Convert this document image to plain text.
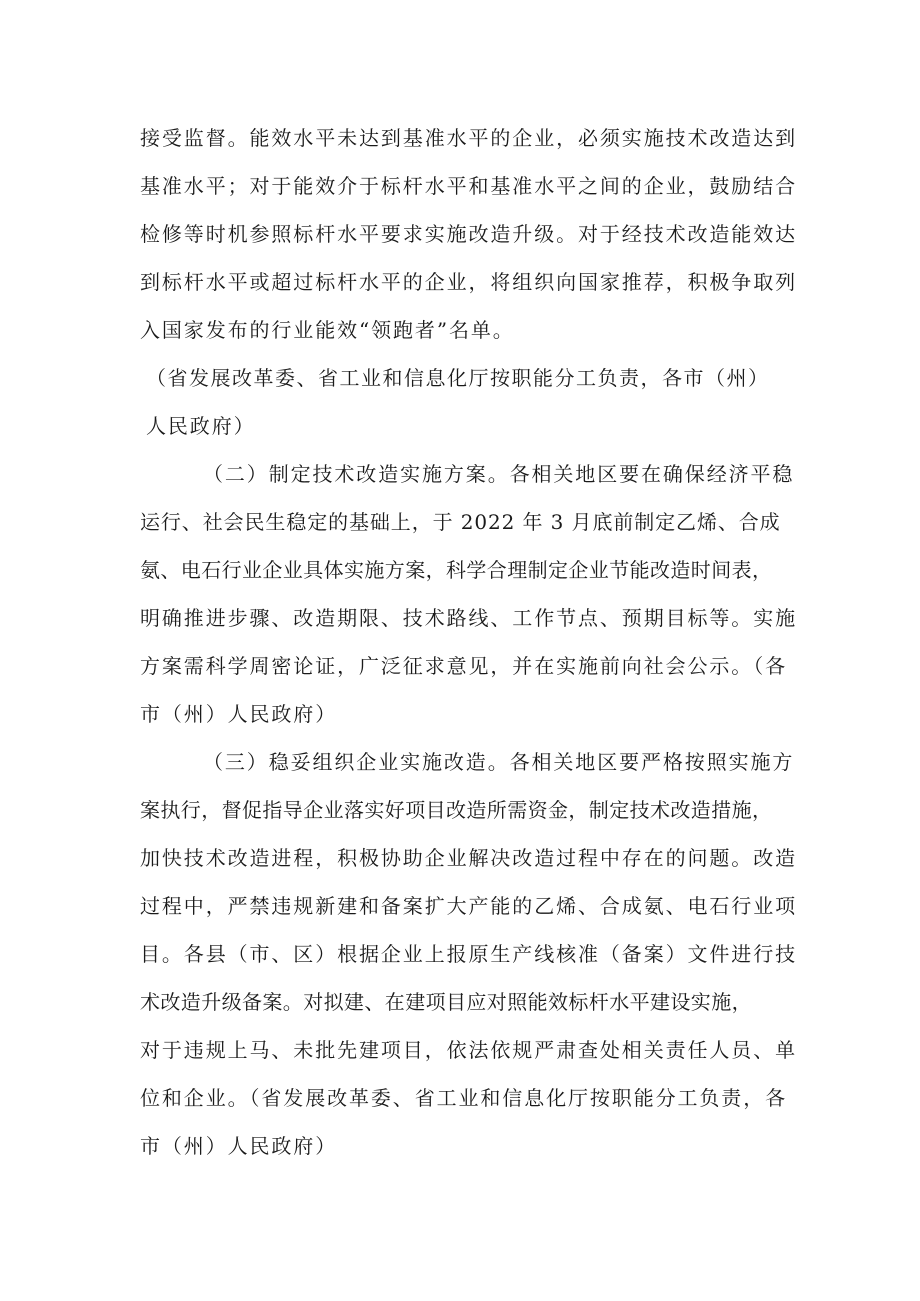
接受监督。能效水平未达到基准水平的企业，必须实施技术改造达到
基准水平；对于能效介于标杆水平和基准水平之间的企业，鼓励结合
检修等时机参照标杆水平要求实施改造升级。对于经技术改造能效达
到标杆水平或超过标杆水平的企业，将组织向国家推荐，积极争取列
入国家发布的行业能效“领跑者”名单。
（省发展改革委、省工业和信息化厅按职能分工负责，各市（州）
人民政府）
（二）制定技术改造实施方案。各相关地区要在确保经济平稳
运行、社会民生稳定的基础上，于 2022 年 3 月底前制定乙烯、合成
氨、电石行业企业具体实施方案，科学合理制定企业节能改造时间表，
明确推进步骤、改造期限、技术路线、工作节点、预期目标等。实施
方案需科学周密论证，广泛征求意见，并在实施前向社会公示。（各
市（州）人民政府）
（三）稳妥组织企业实施改造。各相关地区要严格按照实施方
案执行，督促指导企业落实好项目改造所需资金，制定技术改造措施，
加快技术改造进程，积极协助企业解决改造过程中存在的问题。改造
过程中，严禁违规新建和备案扩大产能的乙烯、合成氨、电石行业项
目。各县（市、区）根据企业上报原生产线核准（备案）文件进行技
术改造升级备案。对拟建、在建项目应对照能效标杆水平建设实施，
对于违规上马、未批先建项目，依法依规严肃查处相关责任人员、单
位和企业。（省发展改革委、省工业和信息化厅按职能分工负责，各
市（州）人民政府）
